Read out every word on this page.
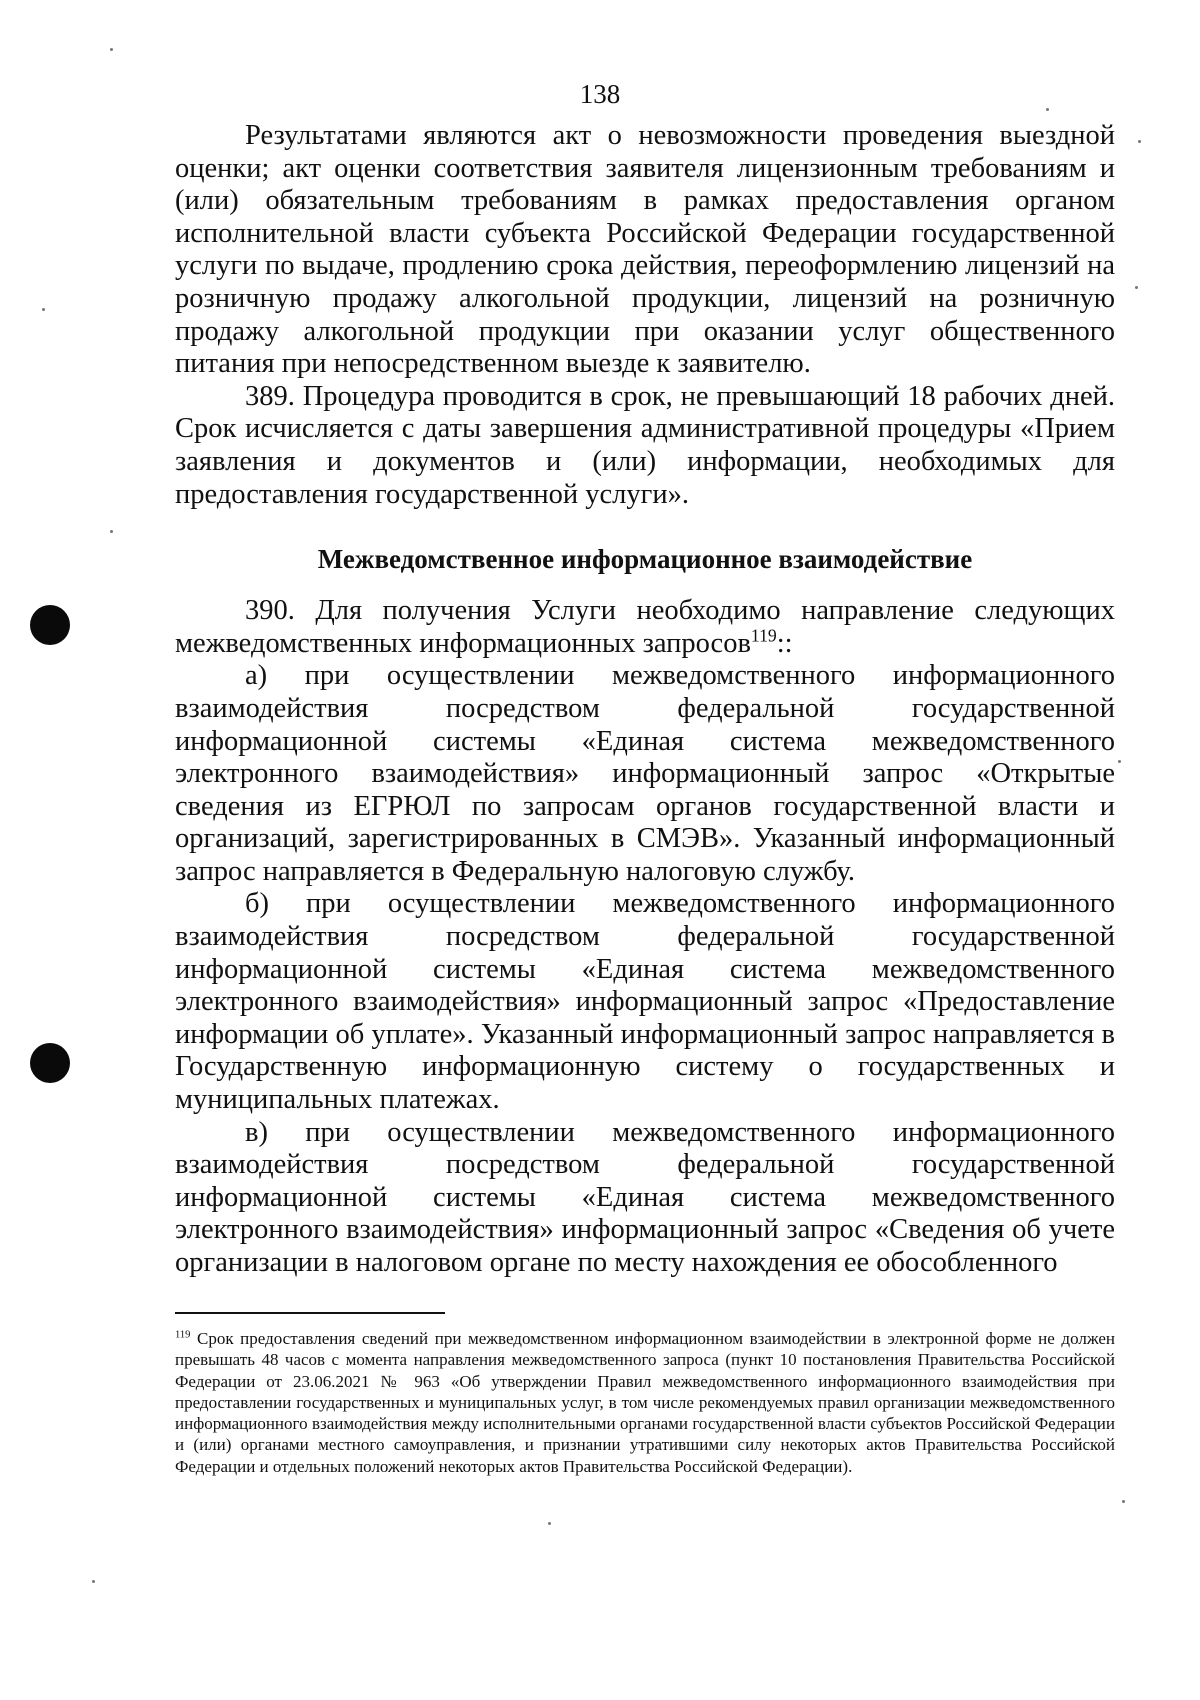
138

Результатами являются акт о невозможности проведения выездной оценки; акт оценки соответствия заявителя лицензионным требованиям и (или) обязательным требованиям в рамках предоставления органом исполнительной власти субъекта Российской Федерации государственной услуги по выдаче, продлению срока действия, переоформлению лицензий на розничную продажу алкогольной продукции, лицензий на розничную продажу алкогольной продукции при оказании услуг общественного питания при непосредственном выезде к заявителю.

389. Процедура проводится в срок, не превышающий 18 рабочих дней. Срок исчисляется с даты завершения административной процедуры «Прием заявления и документов и (или) информации, необходимых для предоставления государственной услуги».

Межведомственное информационное взаимодействие

390. Для получения Услуги необходимо направление следующих межведомственных информационных запросов$^{119}$::

а) при осуществлении межведомственного информационного взаимодействия посредством федеральной государственной информационной системы «Единая система межведомственного электронного взаимодействия» информационный запрос «Открытые сведения из ЕГРЮЛ по запросам органов государственной власти и организаций, зарегистрированных в СМЭВ». Указанный информационный запрос направляется в Федеральную налоговую службу.

б) при осуществлении межведомственного информационного взаимодействия посредством федеральной государственной информационной системы «Единая система межведомственного электронного взаимодействия» информационный запрос «Предоставление информации об уплате». Указанный информационный запрос направляется в Государственную информационную систему о государственных и муниципальных платежах.

в) при осуществлении межведомственного информационного взаимодействия посредством федеральной государственной информационной системы «Единая система межведомственного электронного взаимодействия» информационный запрос «Сведения об учете организации в налоговом органе по месту нахождения ее обособленного

$^{119}$ Срок предоставления сведений при межведомственном информационном взаимодействии в электронной форме не должен превышать 48 часов с момента направления межведомственного запроса (пункт 10 постановления Правительства Российской Федерации от 23.06.2021 № 963 «Об утверждении Правил межведомственного информационного взаимодействия при предоставлении государственных и муниципальных услуг, в том числе рекомендуемых правил организации межведомственного информационного взаимодействия между исполнительными органами государственной власти субъектов Российской Федерации и (или) органами местного самоуправления, и признании утратившими силу некоторых актов Правительства Российской Федерации и отдельных положений некоторых актов Правительства Российской Федерации).
